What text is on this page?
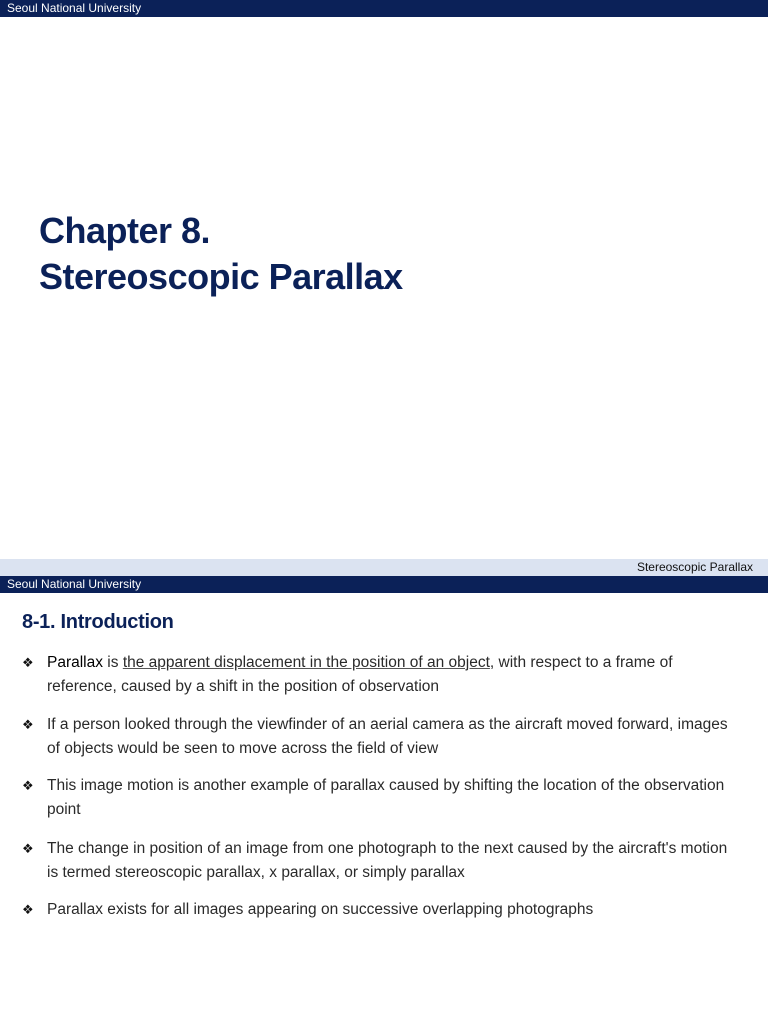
Seoul National University
Chapter 8.
Stereoscopic Parallax
Stereoscopic Parallax
Seoul National University
8-1. Introduction
❖ Parallax is the apparent displacement in the position of an object, with respect to a frame of reference, caused by a shift in the position of observation
❖ If a person looked through the viewfinder of an aerial camera as the aircraft moved forward, images of objects would be seen to move across the field of view
❖ This image motion is another example of parallax caused by shifting the location of the observation point
❖ The change in position of an image from one photograph to the next caused by the aircraft's motion is termed stereoscopic parallax, x parallax, or simply parallax
❖ Parallax exists for all images appearing on successive overlapping photographs
